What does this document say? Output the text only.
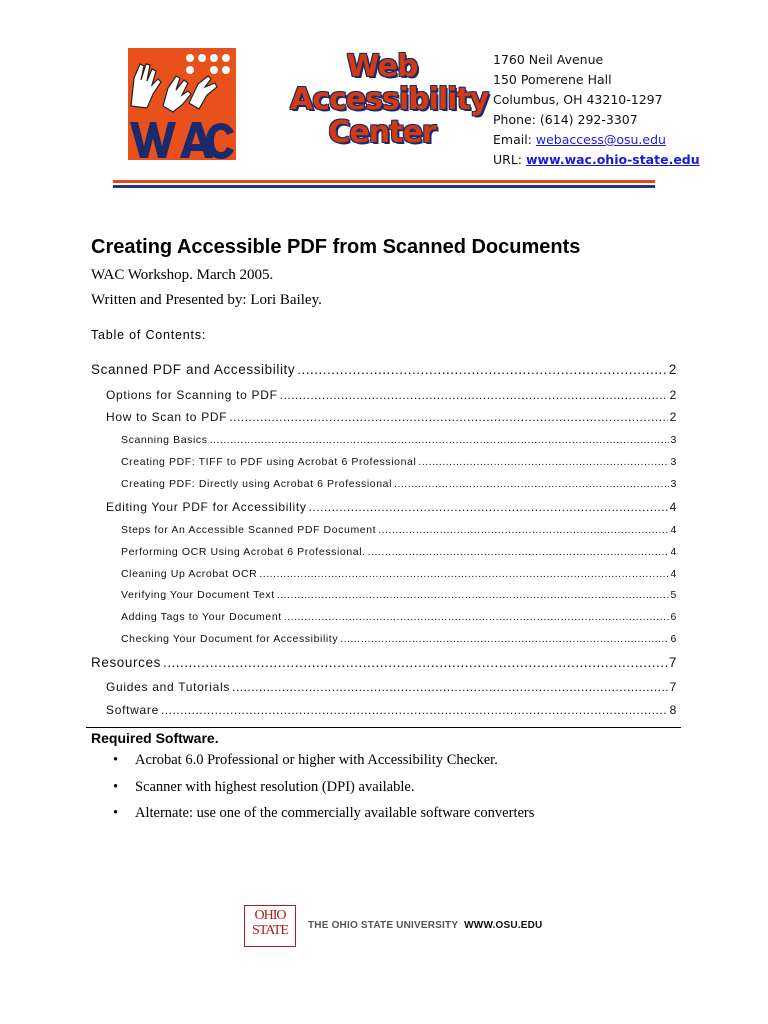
Web
Accessibility
Center
1760 Neil Avenue
150 Pomerene Hall
Columbus, OH 43210-1297
Phone: (614) 292-3307
Email: webaccess@osu.edu
URL: www.wac.ohio-state.edu
Creating Accessible PDF from Scanned Documents

WAC Workshop. March 2005.

Written and Presented by: Lori Bailey.

Table of Contents:

Scanned PDF and Accessibility .....	2
Options for Scanning to PDF .....	2
How to Scan to PDF .....	2
Scanning Basics .....	3
Creating PDF: TIFF to PDF using Acrobat 6 Professional .....	3
Creating PDF: Directly using Acrobat 6 Professional .....	3
Editing Your PDF for Accessibility .....	4
Steps for An Accessible Scanned PDF Document .....	4
Performing OCR Using Acrobat 6 Professional. .....	4
Cleaning Up Acrobat OCR .....	4
Verifying Your Document Text .....	5
Adding Tags to Your Document .....	6
Checking Your Document for Accessibility .....	6
Resources .....	7
Guides and Tutorials .....	7
Software .....	8

Required Software.

• Acrobat 6.0 Professional or higher with Accessibility Checker.
• Scanner with highest resolution (DPI) available.
• Alternate: use one of the commercially available software converters
OHIO
STATE	THE OHIO STATE UNIVERSITY WWW.OSU.EDU
